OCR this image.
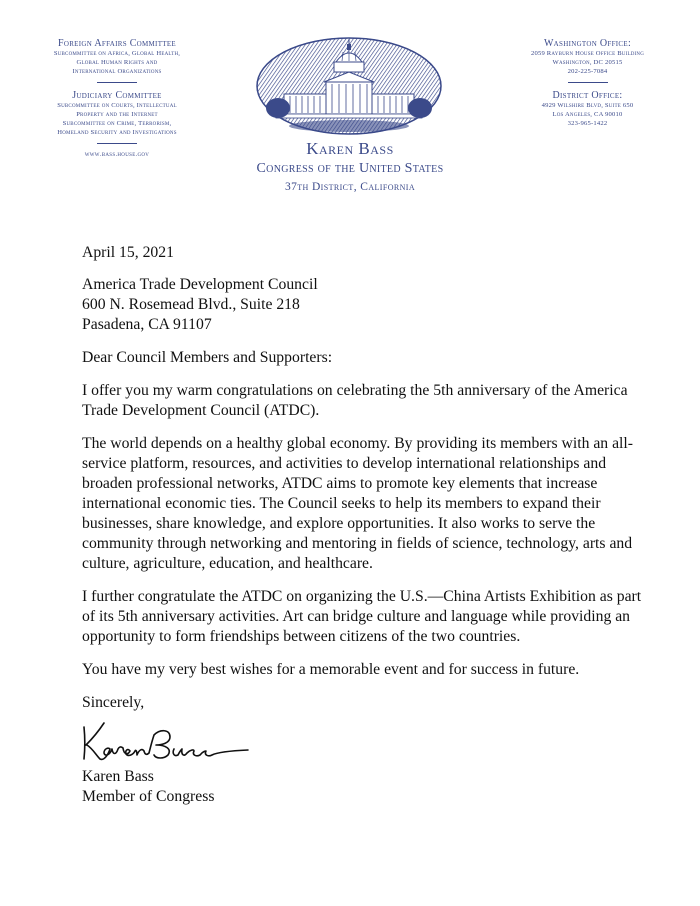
Foreign Affairs Committee
Subcommittee on Africa, Global Health,
Global Human Rights and
International Organizations
Judiciary Committee
Subcommittee on Courts, Intellectual
Property and the Internet
Subcommittee on Crime, Terrorism,
Homeland Security and Investigations
www.bass.house.gov	Karen Bass
Congress of the United States
37th District, California
Washington Office:
2059 Rayburn House Office Building
Washington, DC 20515
202-225-7084
District Office:
4929 Wilshire Blvd, Suite 650
Los Angeles, CA 90010
323-965-1422

April 15, 2021

America Trade Development Council

600 N. Rosemead Blvd., Suite 218

Pasadena, CA 91107

Dear Council Members and Supporters:

I offer you my warm congratulations on celebrating the 5th anniversary of the America Trade Development Council (ATDC).

The world depends on a healthy global economy. By providing its members with an all-service platform, resources, and activities to develop international relationships and broaden professional networks, ATDC aims to promote key elements that increase international economic ties. The Council seeks to help its members to expand their businesses, share knowledge, and explore opportunities. It also works to serve the community through networking and mentoring in fields of science, technology, arts and culture, agriculture, education, and healthcare.

I further congratulate the ATDC on organizing the U.S.—China Artists Exhibition as part of its 5th anniversary activities. Art can bridge culture and language while providing an opportunity to form friendships between citizens of the two countries.

You have my very best wishes for a memorable event and for success in future.

Sincerely,

Karen Bass

Member of Congress
